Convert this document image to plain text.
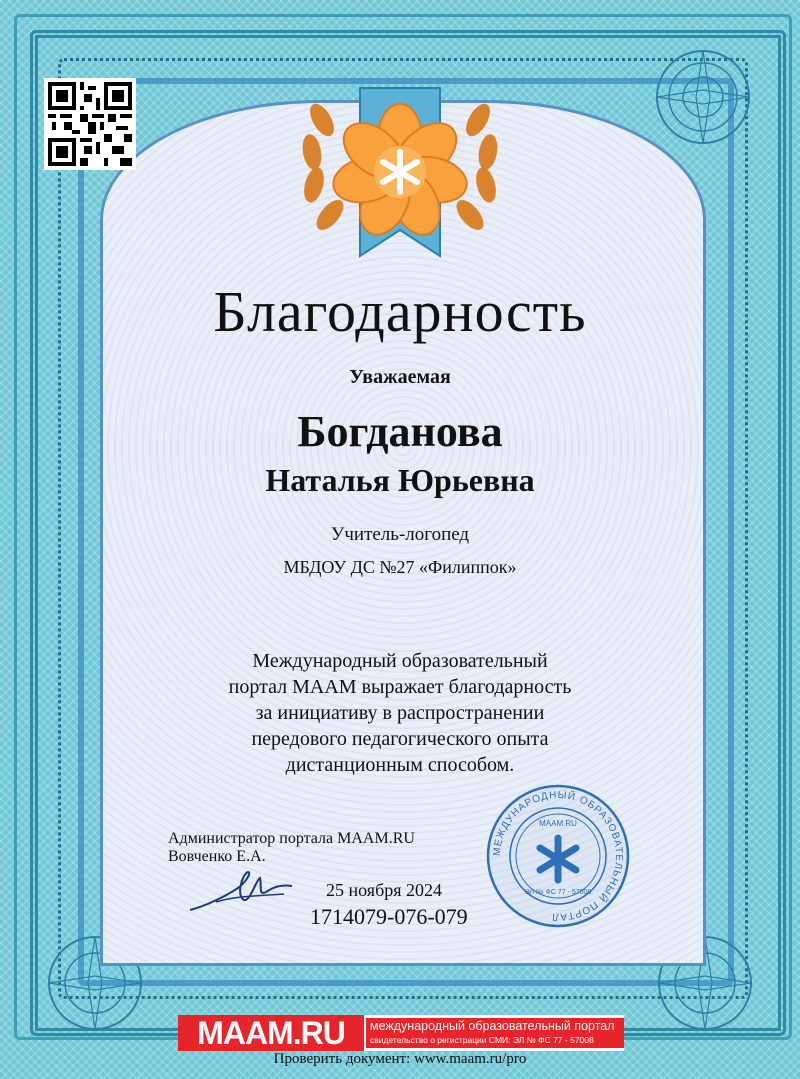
Благодарность
Уважаемая
Богданова
Наталья Юрьевна
Учитель-логопед
МБДОУ ДС №27 «Филиппок»
Международный образовательный
портал МААМ выражает благодарность
за инициативу в распространении
передового педагогического опыта
дистанционным способом.
Администратор портала MAAM.RU
Вовченко Е.А.
25 ноября 2024
1714079-076-079
МЕЖДУНАРОДНЫЙ ОБРАЗОВАТЕЛЬНЫЙ ПОРТАЛ
MAAM.RU
ЭЛ № ФС 77 - 57008
MAAM.RU	международный образовательный портал
свидетельство о регистрации СМИ: ЭЛ № ФС 77 - 57008
Проверить документ: www.maam.ru/pro
